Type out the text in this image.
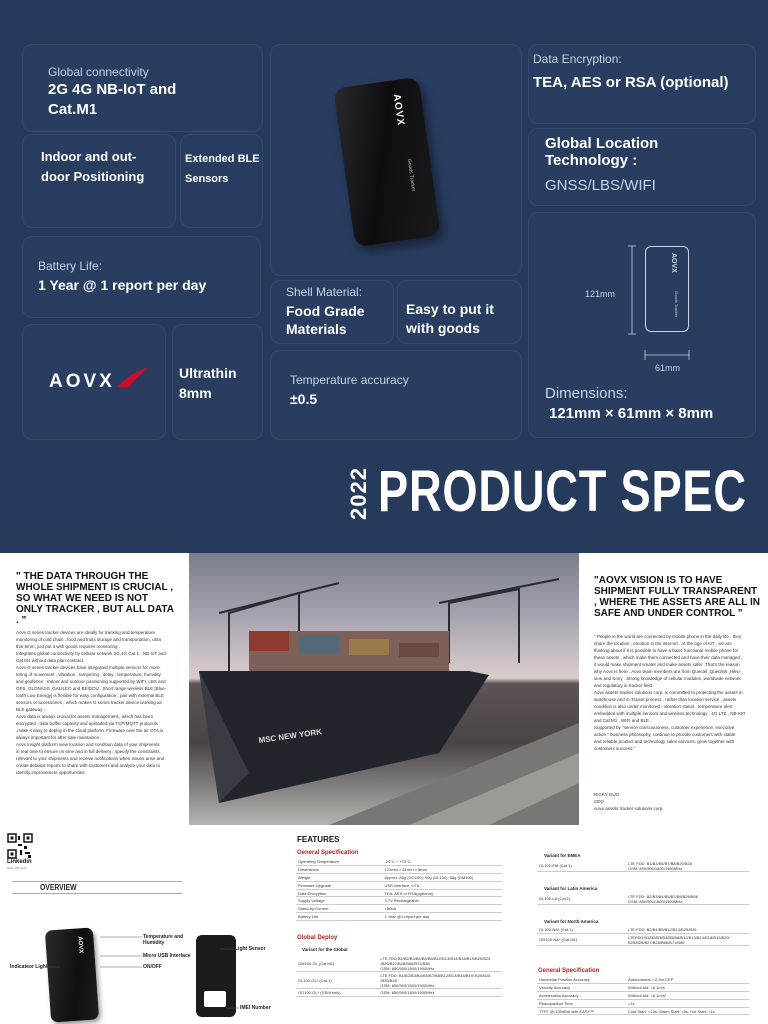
Global connectivity
2G 4G NB-IoT and
Cat.M1
Indoor and out-
door Positioning
Extended BLE
Sensors
Battery Life:
1 Year @ 1 report per day
AOVX	Ultrathin
8mm
AOVX
Goods Tracker
Shell Material:
Food Grade
Materials
Easy to put it
with goods
Temperature accuracy
±0.5
Data Encryption:
TEA, AES or RSA (optional)
Global Location
Technology :
GNSS/LBS/WIFI
121mm
61mm
Dimensions:
121mm × 61mm × 8mm
AOVX
Goods Tracker
2022 PRODUCT SPEC
" THE DATA THROUGH THE WHOLE SHIPMENT IS CRUCIAL , SO WHAT WE NEED IS NOT ONLY TRACKER , BUT ALL DATA . "
Aovx G series tracker devices are ideally for tracking and temperature
monitoring of cold chain , food and fruits storage and transportation, ultra
thin 8mm, just put it with goods requires monitoring .
Integrates global connectivity by cellular network 2G,4G Cat.1 , NB-IoT and
Cat.M1 without data plan contract.
Aovx G series tracker devices have integrated multiple sensors for moni-
toring of movement , vibration , tampering , delay , temperature, humidity
and geofence . Indoor and outdoor positioning supported by WIFI, LBS and
GPS, GLONASS ,GALILEO and BEIDOU . Short range wireless BLE [Blue-
tooth Low Energy] is flexible for easy configuration , pair with external BLE
sensors or accessories , which makes G series tracker device working as
BLE gateway .
Aovx data is always crucial for assets management , which has been
encrypted , data buffer capacity and uploaded via TCP/MQTT protocols
,make it easy to deploy in the cloud platform. Firmware over the air OTA is
always important for after sale maintaince .
Aovx insight platform view location and condition data of your shipments
in real time to ensure on time and in full delivery , specify the constraints
relevant to your shipments and receive notifications when issues arise and
create detailed reports to share with customers and analyze your data to
identify improvement opportunities.
MSC NEW YORK
"AOVX VISION IS TO HAVE SHIPMENT FULLY TRANSPARENT , WHERE THE ASSETS ARE ALL IN SAFE AND UNDER CONTROL "
" People in the world are connected by mobile phone in the daily life , they
share the location , emotion in the internet . At the age of IoT , we are
thinking about if it is possible to have a basic functional mobile phone for
these assets , which make them connected and have their data managed ,
it would make shipment smater and make assets safer .That's the reason
why Aovx is here . Aovx team members are from Quectel ,Queclink ,Hikvi-
sion and Sony . Strong knowledge of cellular modules ,worldwide network
and regulatory in tracker field .
Aovx assets tracker solutions corp. is committed to protecting the assets in
warehouse and in-Transit process , rather than location service , assets
condition is also under monitored - vibration status , temperature alert
embedded with multiple sensors and wireless technology , 4G LTE , NB-IOT
and Cat.M1 , WIFI and BLE .
Supported by "service consciousness, customer experience, executive
action " business philosophy, continue to provide customers with stable
and reliable product and technology sales services, grow together with
customers success."
RICKY GUO
CEO
Aovx assets tracker solutions corp.
Linkedin
Scan QR code
OVERVIEW
AOVX
Indicateor Light
Temperature and
Humidity
Micro USB Interface
ON/OFF
Light Sensor
IMEI Number
FEATURES
General Specification
Operating Temperature	-20°C ~ +70°C

Dimensions	121mm × 61mm × 8mm

Weight	Approx. 85g (GG100); 90g (GL100); 88g (GM100)

Firmware Upgrade	USB interface, OTA

Data Encryption	TEA, AES or RSA(optional)

Supply Voltage	3.7V Rechargeable

Stand-by Current	<80uA

Battery Life	1 Year @1 report per day
Global Deploy
Variant for the Global
GM100-GL (Cat.M1)	LTE FDD:B1/B2/B3/B4/B5/B8/B12/B13/B14/B18/B19/B20/B25 /B26/B27/B28/B66/B71/B85
GSM: 850/900/1800/1900MHz

GL100-GL* (Cat.1)	LTE FDD: B1/B2/B3/B4/B5/B7/B8/B12/B13/B18/B19/ B20/B25 /B26/B28
GSM: 850/900/1800/1900MHz

GG100-GL* (GSM only)	GSM: 850/900/1800/1900MHz
Variant for EMEA
GL100-EM (Cat.1)	LTE FDD: B1/B3/B5/B7/B8/B20/B28
GSM: 850/900/1800/1900MHz
Variant for Latin America
GL100-LA (Cat.1)	LTE FDD: B2/B3/B4/B5/B7/B8/B28/B66
GSM: 850/900/1800/1900MHz
Variant for North America
GL100-NA* (Cat.1)	LTE FDD: B2/B4/B5/B12/B13/B25/B26

GM100-NA* (Cat.M1)	LTEFDD:B1/B2/B3/B4/B5/B8/B12/B13/B14/B18/B19/B20/ B25/B26/B27/B28/B66/B71/B85
General Specification
Horizontal Position Accuracy	Autonomous: <2.5m CEP

Velocity Accuracy	Without Aid: <0.1m/s

Acceleration Accuracy	Without Aid: <0.1m/s²

Reacquisition Time	<1s

TTFF @-130dBm with EASY™	Cold Start: <15s; Warm Start: <5s; Hot Start: <1s
